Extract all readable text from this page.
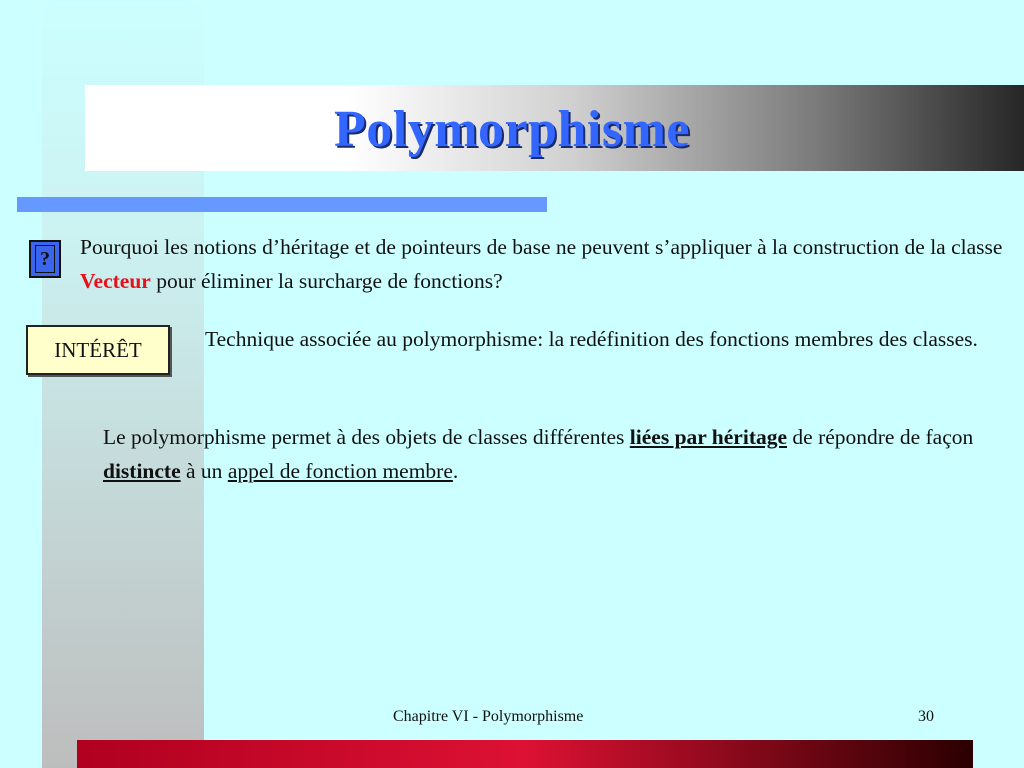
Polymorphisme
? Pourquoi les notions d’héritage et de pointeurs de base ne peuvent s’appliquer à la construction de la classe Vecteur pour éliminer la surcharge de fonctions?
INTÉRÊT	Technique associée au polymorphisme: la redéfinition des fonctions membres des classes.
Le polymorphisme permet à des objets de classes différentes liées par héritage de répondre de façon distincte à un appel de fonction membre.
Chapitre VI - Polymorphisme	30
